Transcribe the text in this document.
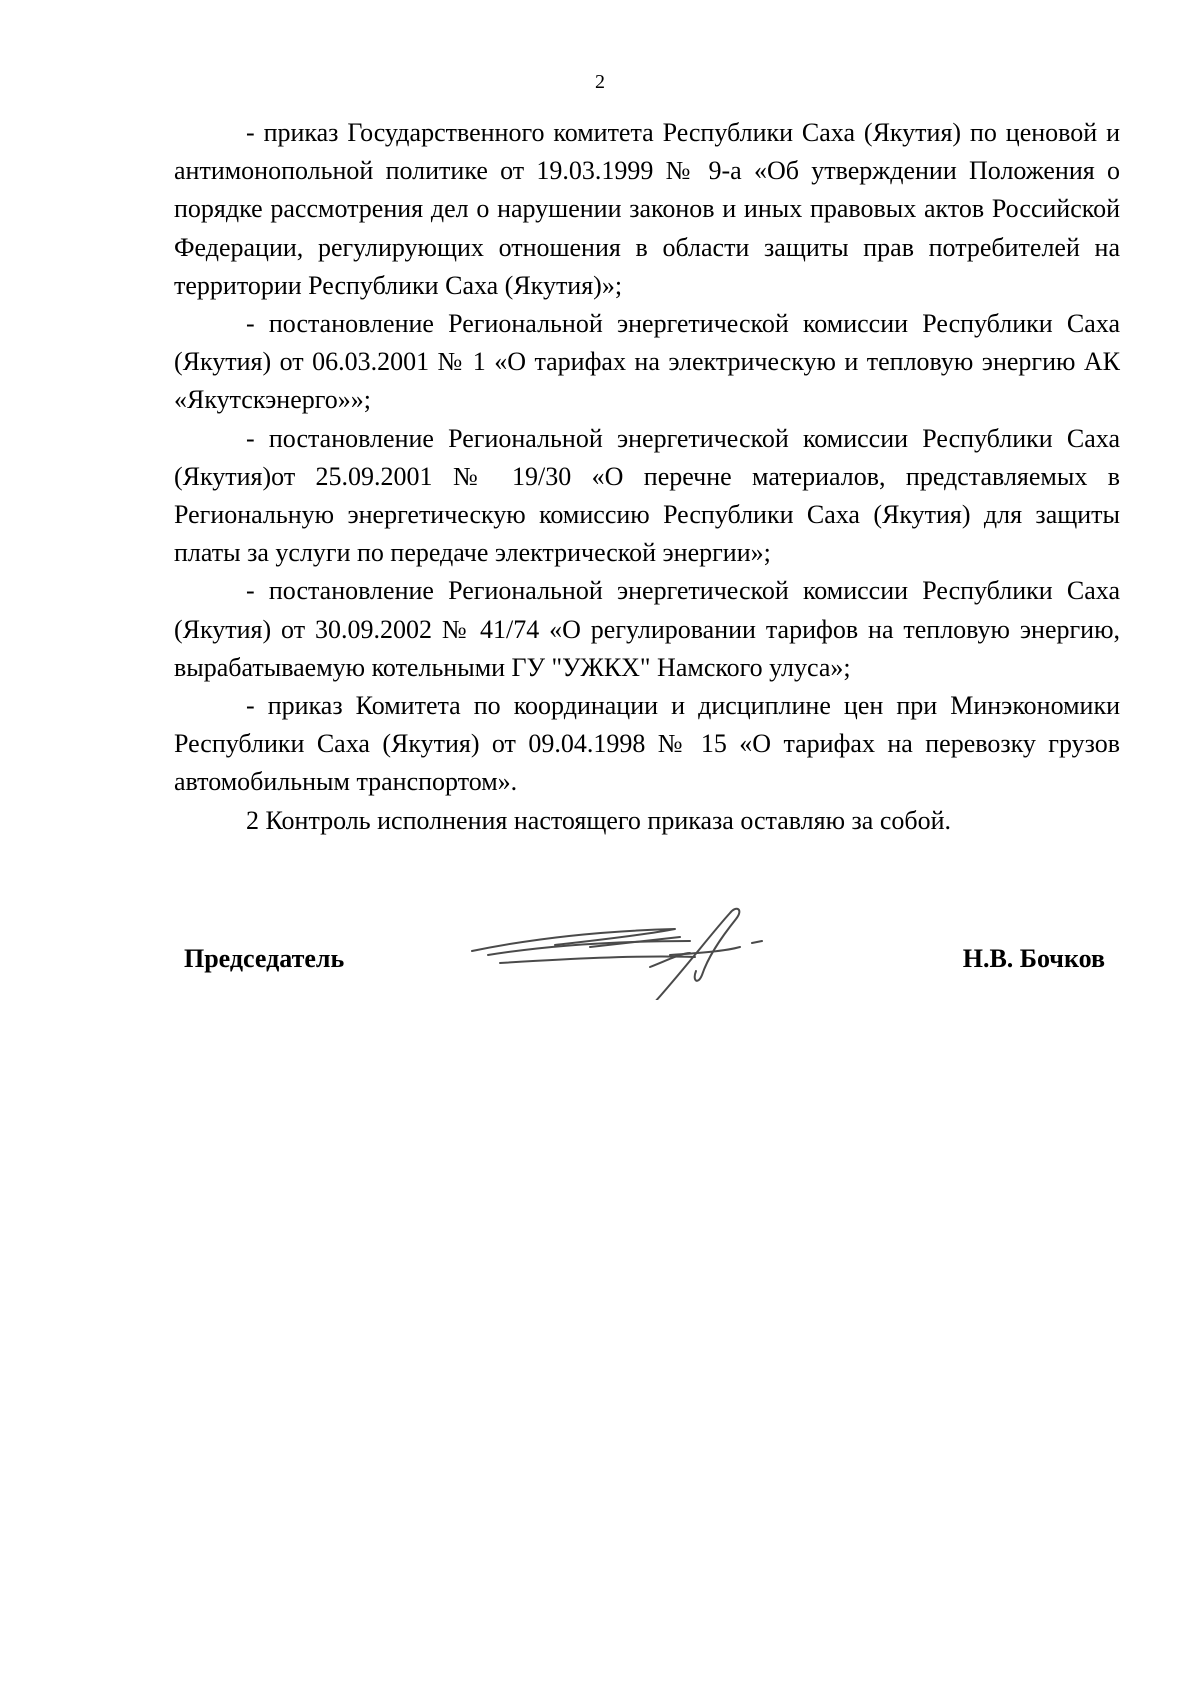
2

- приказ Государственного комитета Республики Саха (Якутия) по ценовой и антимонопольной политике от 19.03.1999 № 9-а «Об утверждении Положения о порядке рассмотрения дел о нарушении законов и иных правовых актов Российской Федерации, регулирующих отношения в области защиты прав потребителей на территории Республики Саха (Якутия)»;

- постановление Региональной энергетической комиссии Республики Саха (Якутия) от 06.03.2001 № 1 «О тарифах на электрическую и тепловую энергию АК «Якутскэнерго»»;

- постановление Региональной энергетической комиссии Республики Саха (Якутия)от 25.09.2001 № 19/30 «О перечне материалов, представляемых в Региональную энергетическую комиссию Республики Саха (Якутия) для защиты платы за услуги по передаче электрической энергии»;

- постановление Региональной энергетической комиссии Республики Саха (Якутия) от 30.09.2002 № 41/74 «О регулировании тарифов на тепловую энергию, вырабатываемую котельными ГУ "УЖКХ" Намского улуса»;

- приказ Комитета по координации и дисциплине цен при Минэкономики Республики Саха (Якутия) от 09.04.1998 № 15 «О тарифах на перевозку грузов автомобильным транспортом».

2 Контроль исполнения настоящего приказа оставляю за собой.

Председатель	Н.В. Бочков
